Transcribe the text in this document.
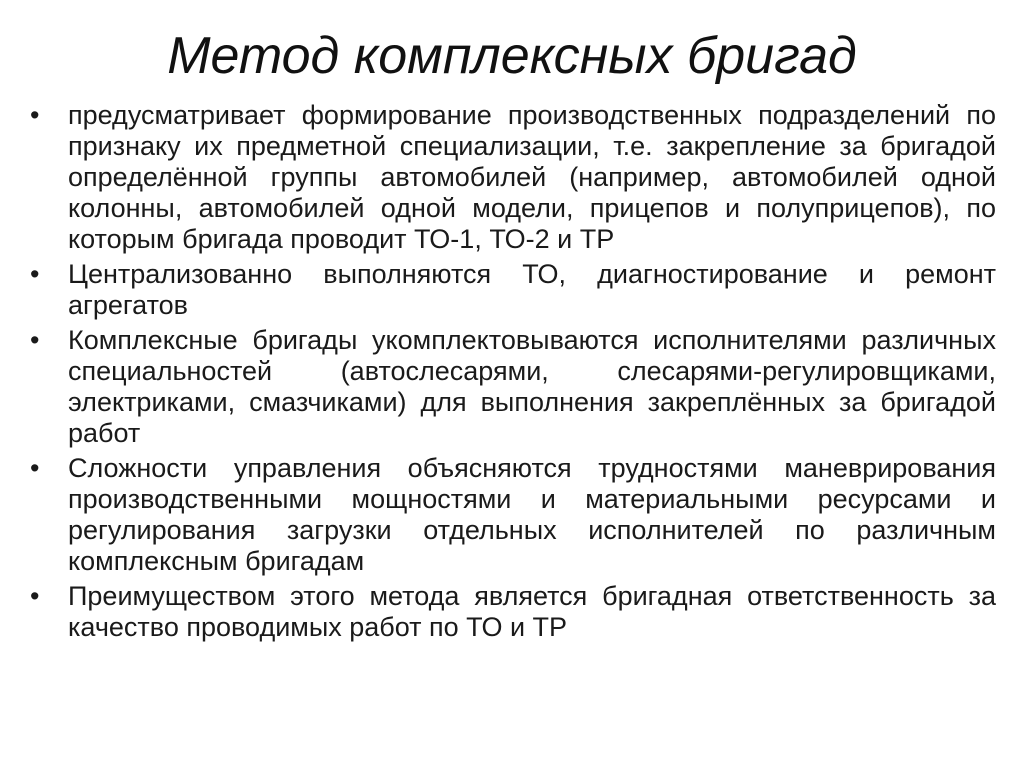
Метод комплексных бригад
•	предусматривает формирование производственных подразделений по признаку их предметной специализации, т.е. закрепление за бригадой определённой группы автомобилей (например, автомобилей одной колонны, автомобилей одной модели, прицепов и полуприцепов), по которым бригада проводит ТО-1, ТО-2 и ТР
•	Централизованно выполняются ТО, диагностирование и ремонт агрегатов
•	Комплексные бригады укомплектовываются исполнителями различных специальностей (автослесарями, слесарями-регулировщиками, электриками, смазчиками) для выполнения закреплённых за бригадой работ
•	Сложности управления объясняются трудностями маневрирования производственными мощностями и материальными ресурсами и регулирования загрузки отдельных исполнителей по различным комплексным бригадам
•	Преимуществом этого метода является бригадная ответственность за качество проводимых работ по ТО и ТР
